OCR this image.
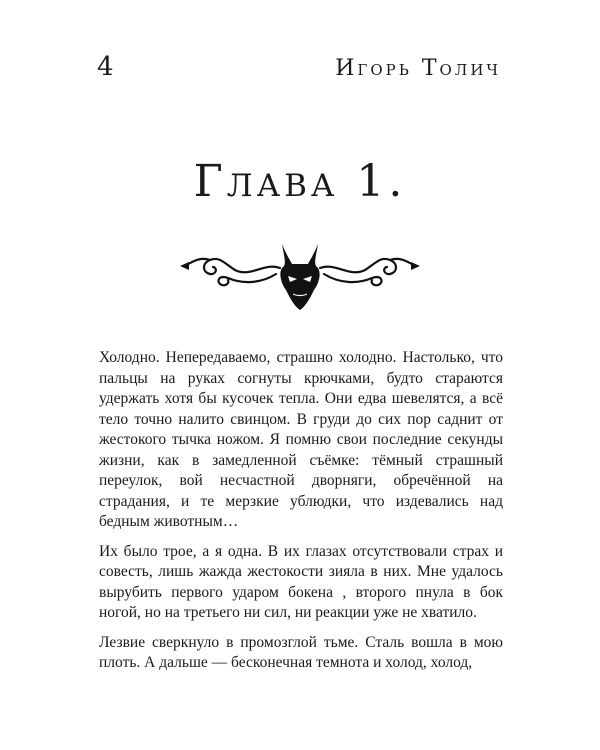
4	Игорь Толич
Глава 1.

Холодно. Непередаваемо, страшно холодно. Настолько, что пальцы на руках согнуты крючками, будто стараются удержать хотя бы кусочек тепла. Они едва шевелятся, а всё тело точно налито свинцом. В груди до сих пор саднит от жестокого тычка ножом. Я помню свои последние секунды жизни, как в замедленной съёмке: тёмный страшный переулок, вой несчастной дворняги, обречённой на страдания, и те мерзкие ублюдки, что издевались над бедным животным…

Их было трое, а я одна. В их глазах отсутствовали страх и совесть, лишь жажда жестокости зияла в них. Мне удалось вырубить первого ударом бокена , второго пнула в бок ногой, но на третьего ни сил, ни реакции уже не хватило.

Лезвие сверкнуло в промозглой тьме. Сталь вошла в мою плоть. А дальше — бесконечная темнота и холод, холод,
